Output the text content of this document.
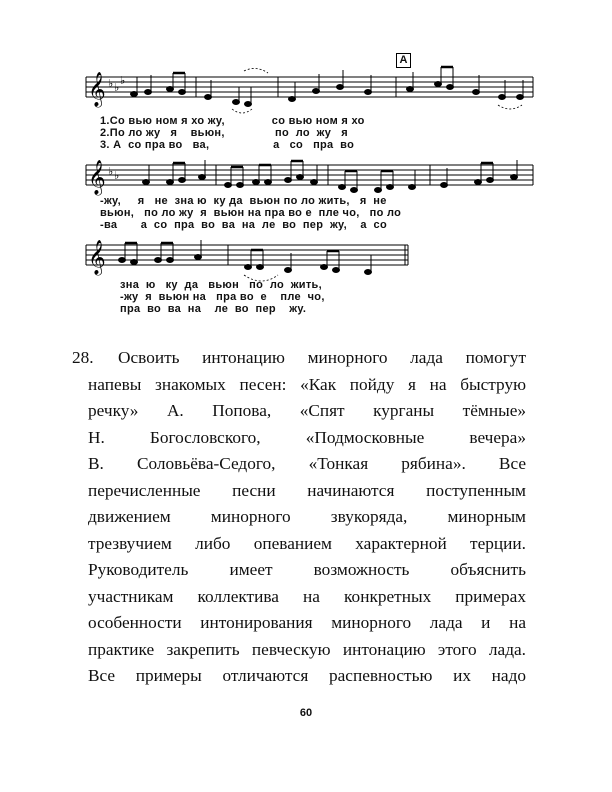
A
𝄞 ♭ ♭
♭
1.Со вью ном я хо жу,              со вью ном я хо
2.По ло жу   я    вьюн,               по  ло  жу   я
3. А  со пра во   ва,                   а   со   пра  во
𝄞 ♭ ♭
-жу,     я   не  зна ю  ку да  вьюн по ло жить,   я  не
вьюн,   по ло жу  я  вьюн на пра во е  пле чо,   по ло
-ва       а  со  пра  во  ва  на  ле  во  пер  жу,    а  со
𝄞
зна  ю   ку  да   вьюн   по  ло  жить,
-жу  я  вьюн на   пра во  е    пле  чо,
пра  во  ва  на    ле  во  пер    жу.
28. Освоить интонацию минорного лада помогут
напевы знакомых песен: «Как пойду я на быструю
речку» А. Попова, «Спят курганы тёмные»
Н. Богословского, «Подмосковные вечера»
В. Соловьёва-Седого, «Тонкая рябина». Все
перечисленные песни начинаются поступенным
движением минорного звукоряда, минорным
трезвучием либо опеванием характерной терции.
Руководитель имеет возможность объяснить
участникам коллектива на конкретных примерах
особенности интонирования минорного лада и на
практике закрепить певческую интонацию этого лада.
Все примеры отличаются распевностью их надо
60
